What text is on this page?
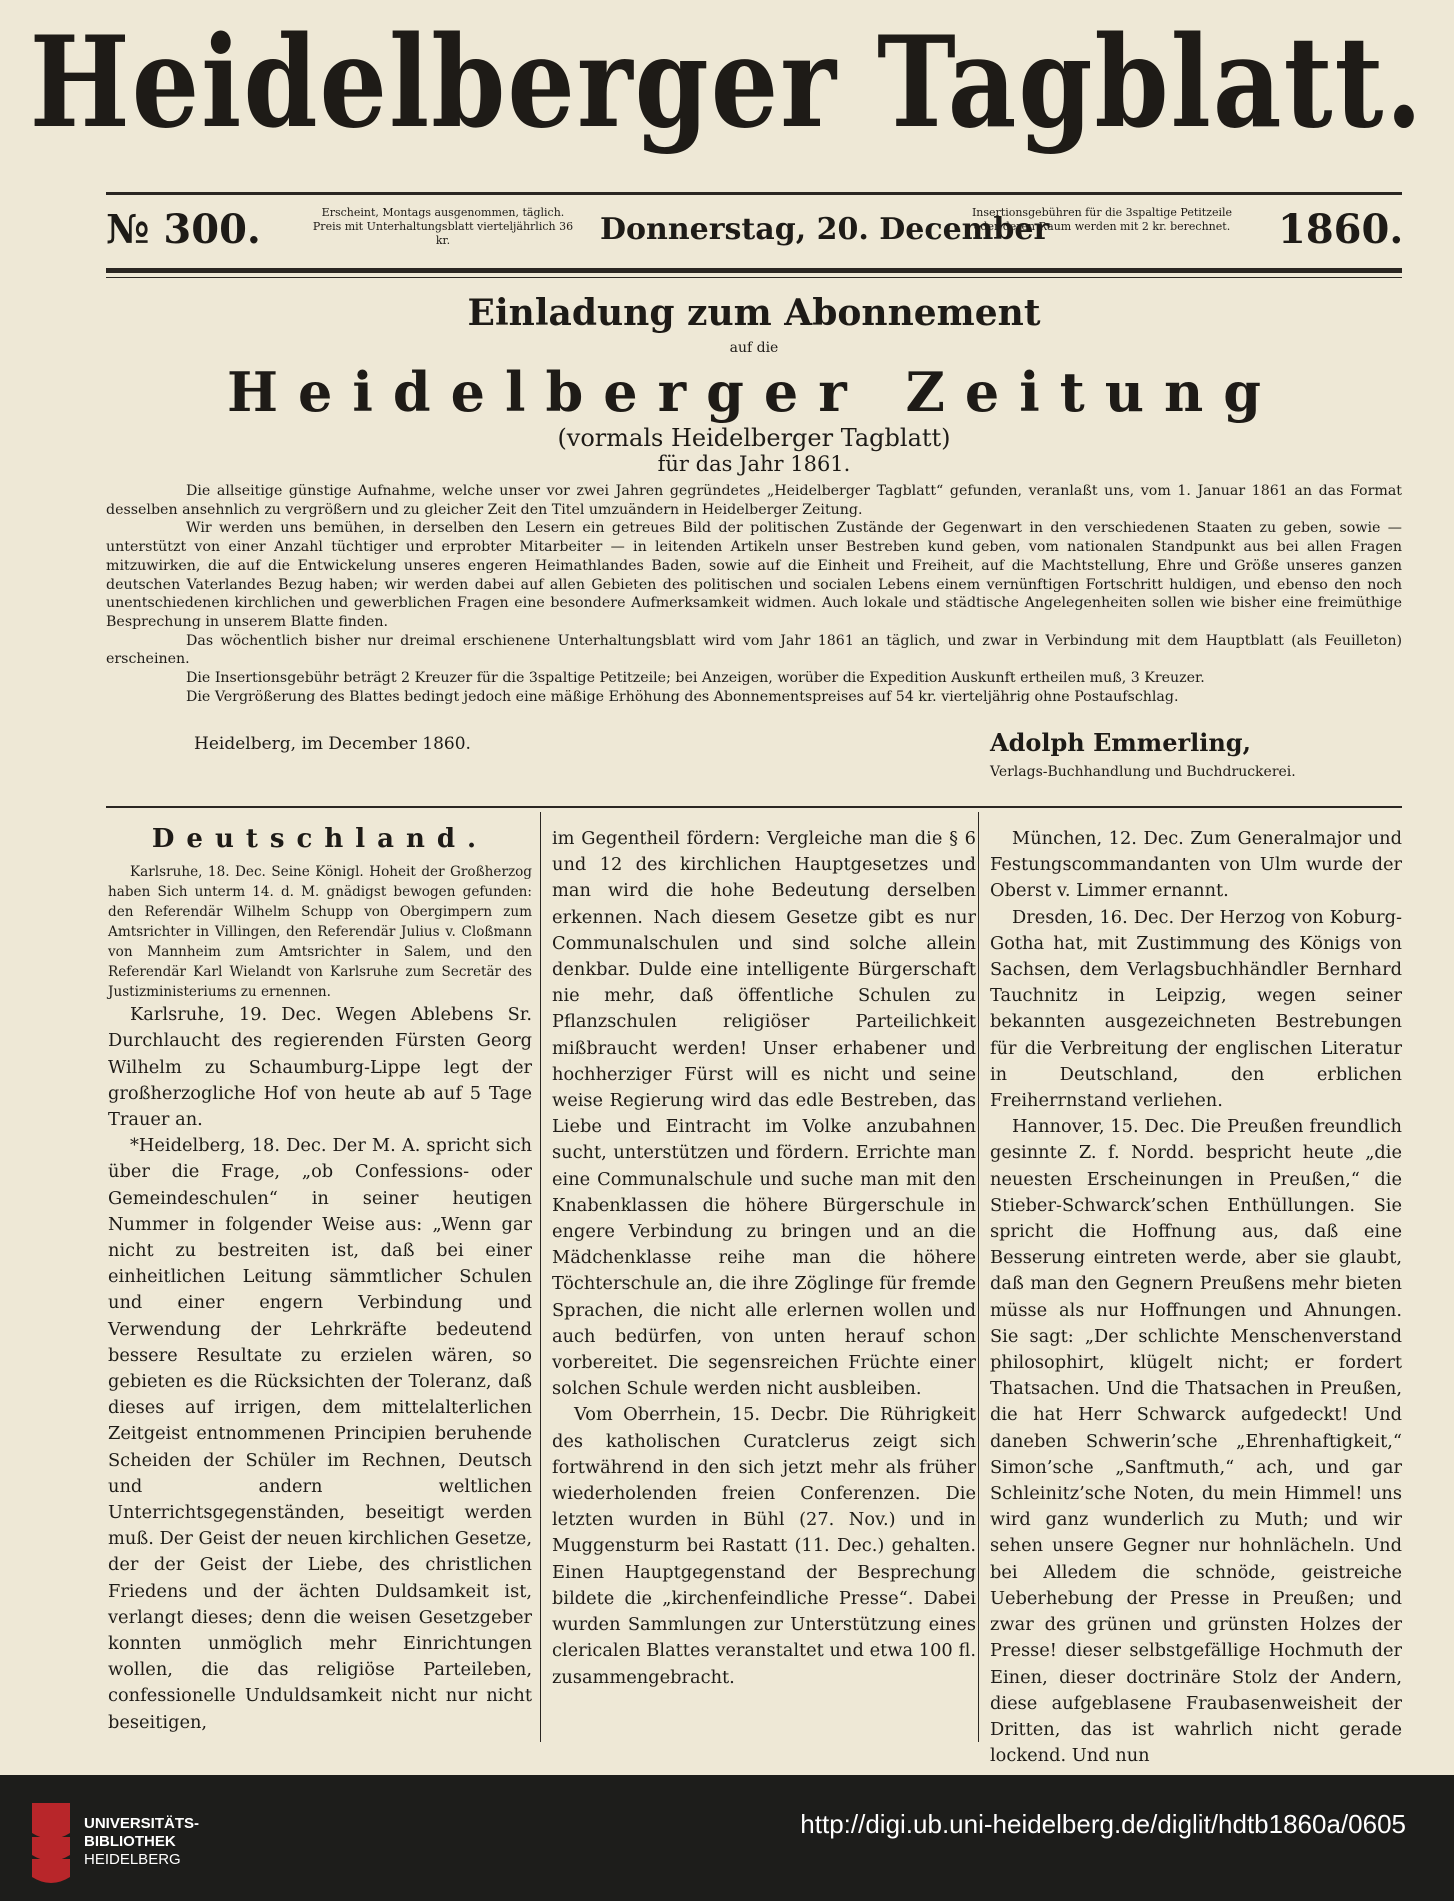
Heidelberger Tagblatt.
№ 300.	Erscheint, Montags ausgenommen, täglich. Preis mit Unterhaltungsblatt vierteljährlich 36 kr.	Donnerstag, 20. December
Insertionsgebühren für die 3spaltige Petitzeile oder deren Raum werden mit 2 kr. berechnet. 1860.
Einladung zum Abonnement
auf die
Heidelberger Zeitung
(vormals Heidelberger Tagblatt)
für das Jahr 1861.

Die allseitige günstige Aufnahme, welche unser vor zwei Jahren gegründetes „Heidelberger Tagblatt“ gefunden, veranlaßt uns, vom 1. Januar 1861 an das Format desselben ansehnlich zu vergrößern und zu gleicher Zeit den Titel umzuändern in Heidelberger Zeitung.

Wir werden uns bemühen, in derselben den Lesern ein getreues Bild der politischen Zustände der Gegenwart in den verschiedenen Staaten zu geben, sowie — unterstützt von einer Anzahl tüchtiger und erprobter Mitarbeiter — in leitenden Artikeln unser Bestreben kund geben, vom nationalen Standpunkt aus bei allen Fragen mitzuwirken, die auf die Entwickelung unseres engeren Heimathlandes Baden, sowie auf die Einheit und Freiheit, auf die Machtstellung, Ehre und Größe unseres ganzen deutschen Vaterlandes Bezug haben; wir werden dabei auf allen Gebieten des politischen und socialen Lebens einem vernünftigen Fortschritt huldigen, und ebenso den noch unentschiedenen kirchlichen und gewerblichen Fragen eine besondere Aufmerksamkeit widmen. Auch lokale und städtische Angelegenheiten sollen wie bisher eine freimüthige Besprechung in unserem Blatte finden.

Das wöchentlich bisher nur dreimal erschienene Unterhaltungsblatt wird vom Jahr 1861 an täglich, und zwar in Verbindung mit dem Hauptblatt (als Feuilleton) erscheinen.

Die Insertionsgebühr beträgt 2 Kreuzer für die 3spaltige Petitzeile; bei Anzeigen, worüber die Expedition Auskunft ertheilen muß, 3 Kreuzer.

Die Vergrößerung des Blattes bedingt jedoch eine mäßige Erhöhung des Abonnementspreises auf 54 kr. vierteljährig ohne Postaufschlag.

Heidelberg, im December 1860.	Adolph Emmerling,
Verlags-Buchhandlung und Buchdruckerei.
Deutschland.

Karlsruhe, 18. Dec. Seine Königl. Hoheit der Großherzog haben Sich unterm 14. d. M. gnädigst bewogen gefunden: den Referendär Wilhelm Schupp von Obergimpern zum Amtsrichter in Villingen, den Referendär Julius v. Cloßmann von Mannheim zum Amtsrichter in Salem, und den Referendär Karl Wielandt von Karlsruhe zum Secretär des Justizministeriums zu ernennen.

Karlsruhe, 19. Dec. Wegen Ablebens Sr. Durchlaucht des regierenden Fürsten Georg Wilhelm zu Schaumburg-Lippe legt der großherzogliche Hof von heute ab auf 5 Tage Trauer an.

*Heidelberg, 18. Dec. Der M. A. spricht sich über die Frage, „ob Confessions- oder Gemeindeschulen“ in seiner heutigen Nummer in folgender Weise aus: „Wenn gar nicht zu bestreiten ist, daß bei einer einheitlichen Leitung sämmtlicher Schulen und einer engern Verbindung und Verwendung der Lehrkräfte bedeutend bessere Resultate zu erzielen wären, so gebieten es die Rücksichten der Toleranz, daß dieses auf irrigen, dem mittelalterlichen Zeitgeist entnommenen Principien beruhende Scheiden der Schüler im Rechnen, Deutsch und andern weltlichen Unterrichtsgegenständen, beseitigt werden muß. Der Geist der neuen kirchlichen Gesetze, der der Geist der Liebe, des christlichen Friedens und der ächten Duldsamkeit ist, verlangt dieses; denn die weisen Gesetzgeber konnten unmöglich mehr Einrichtungen wollen, die das religiöse Parteileben, confessionelle Unduldsamkeit nicht nur nicht beseitigen,

im Gegentheil fördern: Vergleiche man die § 6 und 12 des kirchlichen Hauptgesetzes und man wird die hohe Bedeutung derselben erkennen. Nach diesem Gesetze gibt es nur Communalschulen und sind solche allein denkbar. Dulde eine intelligente Bürgerschaft nie mehr, daß öffentliche Schulen zu Pflanzschulen religiöser Parteilichkeit mißbraucht werden! Unser erhabener und hochherziger Fürst will es nicht und seine weise Regierung wird das edle Bestreben, das Liebe und Eintracht im Volke anzubahnen sucht, unterstützen und fördern. Errichte man eine Communalschule und suche man mit den Knabenklassen die höhere Bürgerschule in engere Verbindung zu bringen und an die Mädchenklasse reihe man die höhere Töchterschule an, die ihre Zöglinge für fremde Sprachen, die nicht alle erlernen wollen und auch bedürfen, von unten herauf schon vorbereitet. Die segensreichen Früchte einer solchen Schule werden nicht ausbleiben.

Vom Oberrhein, 15. Decbr. Die Rührigkeit des katholischen Curatclerus zeigt sich fortwährend in den sich jetzt mehr als früher wiederholenden freien Conferenzen. Die letzten wurden in Bühl (27. Nov.) und in Muggensturm bei Rastatt (11. Dec.) gehalten. Einen Hauptgegenstand der Besprechung bildete die „kirchenfeindliche Presse“. Dabei wurden Sammlungen zur Unterstützung eines clericalen Blattes veranstaltet und etwa 100 fl. zusammengebracht.

München, 12. Dec. Zum Generalmajor und Festungscommandanten von Ulm wurde der Oberst v. Limmer ernannt.

Dresden, 16. Dec. Der Herzog von Koburg-Gotha hat, mit Zustimmung des Königs von Sachsen, dem Verlagsbuchhändler Bernhard Tauchnitz in Leipzig, wegen seiner bekannten ausgezeichneten Bestrebungen für die Verbreitung der englischen Literatur in Deutschland, den erblichen Freiherrnstand verliehen.

Hannover, 15. Dec. Die Preußen freundlich gesinnte Z. f. Nordd. bespricht heute „die neuesten Erscheinungen in Preußen,“ die Stieber-Schwarck’schen Enthüllungen. Sie spricht die Hoffnung aus, daß eine Besserung eintreten werde, aber sie glaubt, daß man den Gegnern Preußens mehr bieten müsse als nur Hoffnungen und Ahnungen. Sie sagt: „Der schlichte Menschenverstand philosophirt, klügelt nicht; er fordert Thatsachen. Und die Thatsachen in Preußen, die hat Herr Schwarck aufgedeckt! Und daneben Schwerin’sche „Ehrenhaftigkeit,“ Simon’sche „Sanftmuth,“ ach, und gar Schleinitz’sche Noten, du mein Himmel! uns wird ganz wunderlich zu Muth; und wir sehen unsere Gegner nur hohnlächeln. Und bei Alledem die schnöde, geistreiche Ueberhebung der Presse in Preußen; und zwar des grünen und grünsten Holzes der Presse! dieser selbstgefällige Hochmuth der Einen, dieser doctrinäre Stolz der Andern, diese aufgeblasene Fraubasenweisheit der Dritten, das ist wahrlich nicht gerade lockend. Und nun

UNIVERSITÄTS-
BIBLIOTHEK
HEIDELBERG
http://digi.ub.uni-heidelberg.de/diglit/hdtb1860a/0605
